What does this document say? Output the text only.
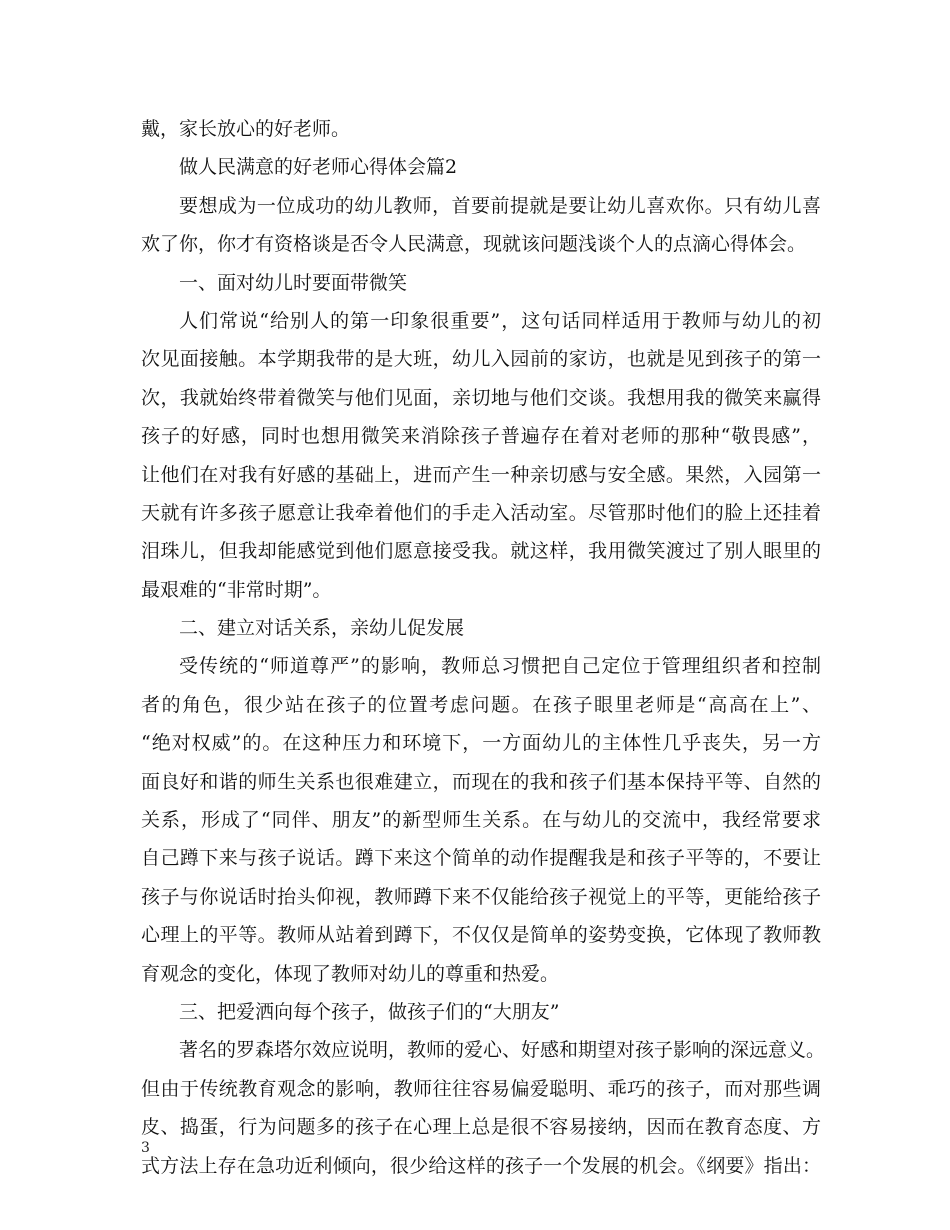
戴，家长放心的好老师。
做人民满意的好老师心得体会篇2
要想成为一位成功的幼儿教师，首要前提就是要让幼儿喜欢你。只有幼儿喜
欢了你，你才有资格谈是否令人民满意，现就该问题浅谈个人的点滴心得体会。
一、面对幼儿时要面带微笑
人们常说“给别人的第一印象很重要”，这句话同样适用于教师与幼儿的初
次见面接触。本学期我带的是大班，幼儿入园前的家访，也就是见到孩子的第一
次，我就始终带着微笑与他们见面，亲切地与他们交谈。我想用我的微笑来赢得
孩子的好感，同时也想用微笑来消除孩子普遍存在着对老师的那种“敬畏感”，
让他们在对我有好感的基础上，进而产生一种亲切感与安全感。果然，入园第一
天就有许多孩子愿意让我牵着他们的手走入活动室。尽管那时他们的脸上还挂着
泪珠儿，但我却能感觉到他们愿意接受我。就这样，我用微笑渡过了别人眼里的
最艰难的“非常时期”。
二、建立对话关系，亲幼儿促发展
受传统的“师道尊严”的影响，教师总习惯把自己定位于管理组织者和控制
者的角色，很少站在孩子的位置考虑问题。在孩子眼里老师是“高高在上”、
“绝对权威”的。在这种压力和环境下，一方面幼儿的主体性几乎丧失，另一方
面良好和谐的师生关系也很难建立，而现在的我和孩子们基本保持平等、自然的
关系，形成了“同伴、朋友”的新型师生关系。在与幼儿的交流中，我经常要求
自己蹲下来与孩子说话。蹲下来这个简单的动作提醒我是和孩子平等的，不要让
孩子与你说话时抬头仰视，教师蹲下来不仅能给孩子视觉上的平等，更能给孩子
心理上的平等。教师从站着到蹲下，不仅仅是简单的姿势变换，它体现了教师教
育观念的变化，体现了教师对幼儿的尊重和热爱。
三、把爱洒向每个孩子，做孩子们的“大朋友”
著名的罗森塔尔效应说明，教师的爱心、好感和期望对孩子影响的深远意义。
但由于传统教育观念的影响，教师往往容易偏爱聪明、乖巧的孩子，而对那些调
皮、捣蛋，行为问题多的孩子在心理上总是很不容易接纳，因而在教育态度、方
式方法上存在急功近利倾向，很少给这样的孩子一个发展的机会。《纲要》指出：
3
